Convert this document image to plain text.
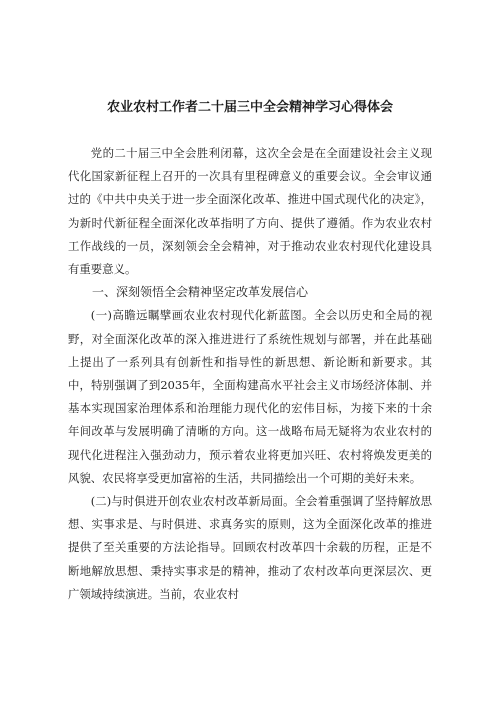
农业农村工作者二十届三中全会精神学习心得体会

党的二十届三中全会胜利闭幕，这次全会是在全面建设社会主义现代化国家新征程上召开的一次具有里程碑意义的重要会议。全会审议通过的《中共中央关于进一步全面深化改革、推进中国式现代化的决定》，为新时代新征程全面深化改革指明了方向、提供了遵循。作为农业农村工作战线的一员，深刻领会全会精神，对于推动农业农村现代化建设具有重要意义。

一、深刻领悟全会精神坚定改革发展信心

(一)高瞻远瞩擘画农业农村现代化新蓝图。全会以历史和全局的视野，对全面深化改革的深入推进进行了系统性规划与部署，并在此基础上提出了一系列具有创新性和指导性的新思想、新论断和新要求。其中，特别强调了到2035年，全面构建高水平社会主义市场经济体制、并基本实现国家治理体系和治理能力现代化的宏伟目标，为接下来的十余年间改革与发展明确了清晰的方向。这一战略布局无疑将为农业农村的现代化进程注入强劲动力，预示着农业将更加兴旺、农村将焕发更美的风貌、农民将享受更加富裕的生活，共同描绘出一个可期的美好未来。

(二)与时俱进开创农业农村改革新局面。全会着重强调了坚持解放思想、实事求是、与时俱进、求真务实的原则，这为全面深化改革的推进提供了至关重要的方法论指导。回顾农村改革四十余载的历程，正是不断地解放思想、秉持实事求是的精神，推动了农村改革向更深层次、更广领域持续演进。当前，农业农村
